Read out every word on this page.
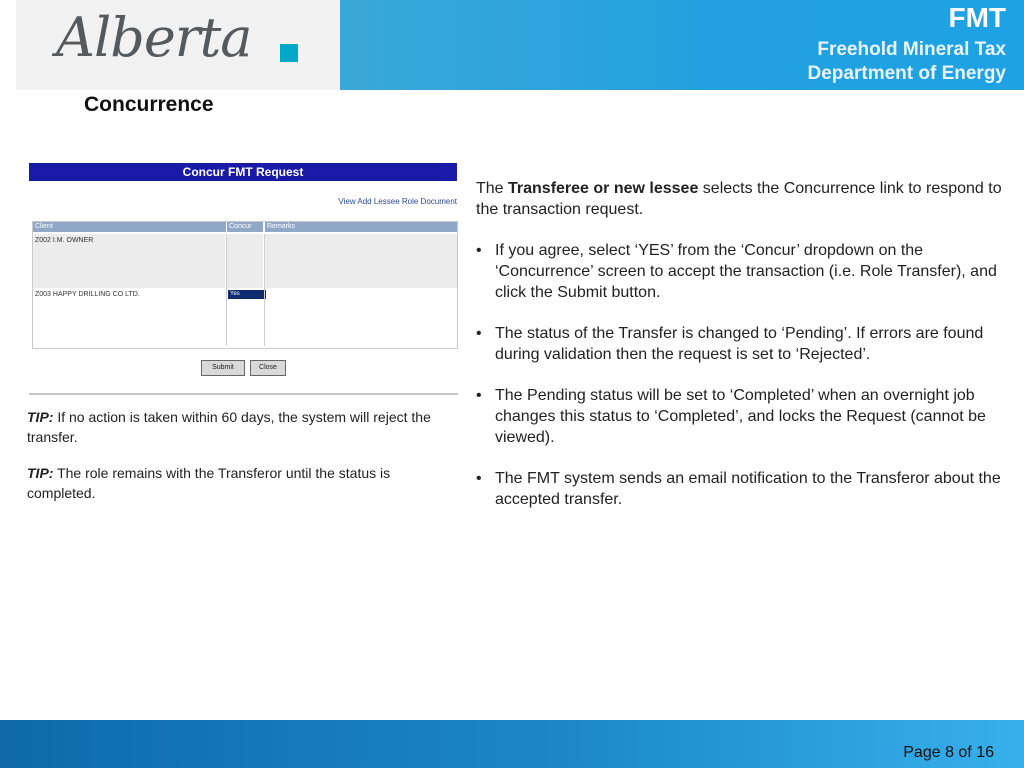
Alberta	FMT
Freehold Mineral Tax
Department of Energy
Concurrence
Concur FMT Request
View Add Lessee Role Document
Client	Concur	Remarks
Z002 I.M. OWNER
Z003 HAPPY DRILLING CO LTD.	Yes
Submit	Close
TIP: If no action is taken within 60 days, the system will reject the transfer.
TIP: The role remains with the Transferor until the status is completed.

The Transferee or new lessee selects the Concurrence link to respond to the transaction request.

• If you agree, select ‘YES’ from the ‘Concur’ dropdown on the ‘Concurrence’ screen to accept the transaction (i.e. Role Transfer), and click the Submit button.
• The status of the Transfer is changed to ‘Pending’. If errors are found during validation then the request is set to ‘Rejected’.
• The Pending status will be set to ‘Completed’ when an overnight job changes this status to ‘Completed’, and locks the Request (cannot be viewed).
• The FMT system sends an email notification to the Transferor about the accepted transfer.
Page 8 of 16
